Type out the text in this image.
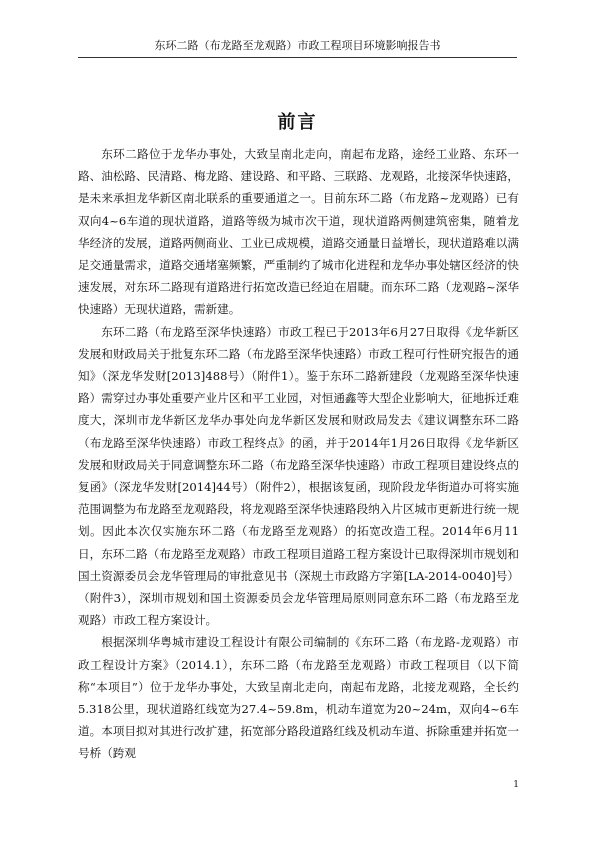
东环二路（布龙路至龙观路）市政工程项目环境影响报告书
前言

东环二路位于龙华办事处，大致呈南北走向，南起布龙路，途经工业路、东环一路、油松路、民清路、梅龙路、建设路、和平路、三联路、龙观路，北接深华快速路，是未来承担龙华新区南北联系的重要通道之一。目前东环二路（布龙路~龙观路）已有双向4~6车道的现状道路，道路等级为城市次干道，现状道路两侧建筑密集，随着龙华经济的发展，道路两侧商业、工业已成规模，道路交通量日益增长，现状道路难以满足交通量需求，道路交通堵塞频繁，严重制约了城市化进程和龙华办事处辖区经济的快速发展，对东环二路现有道路进行拓宽改造已经迫在眉睫。而东环二路（龙观路~深华快速路）无现状道路，需新建。

东环二路（布龙路至深华快速路）市政工程已于2013年6月27日取得《龙华新区发展和财政局关于批复东环二路（布龙路至深华快速路）市政工程可行性研究报告的通知》（深龙华发财[2013]488号）（附件1）。鉴于东环二路新建段（龙观路至深华快速路）需穿过办事处重要产业片区和平工业园，对恒通鑫等大型企业影响大，征地拆迁难度大，深圳市龙华新区龙华办事处向龙华新区发展和财政局发去《建议调整东环二路（布龙路至深华快速路）市政工程终点》的函，并于2014年1月26日取得《龙华新区发展和财政局关于同意调整东环二路（布龙路至深华快速路）市政工程项目建设终点的复函》（深龙华发财[2014]44号）（附件2），根据该复函，现阶段龙华街道办可将实施范围调整为布龙路至龙观路段，将龙观路至深华快速路段纳入片区城市更新进行统一规划。因此本次仅实施东环二路（布龙路至龙观路）的拓宽改造工程。2014年6月11日，东环二路（布龙路至龙观路）市政工程项目道路工程方案设计已取得深圳市规划和国土资源委员会龙华管理局的审批意见书（深规土市政路方字第[LA-2014-0040]号）（附件3），深圳市规划和国土资源委员会龙华管理局原则同意东环二路（布龙路至龙观路）市政工程方案设计。

根据深圳华粤城市建设工程设计有限公司编制的《东环二路（布龙路-龙观路）市政工程设计方案》（2014.1），东环二路（布龙路至龙观路）市政工程项目（以下简称“本项目”）位于龙华办事处，大致呈南北走向，南起布龙路，北接龙观路，全长约5.318公里，现状道路红线宽为27.4~59.8m，机动车道宽为20~24m，双向4~6车道。本项目拟对其进行改扩建，拓宽部分路段道路红线及机动车道、拆除重建并拓宽一号桥（跨观

1
